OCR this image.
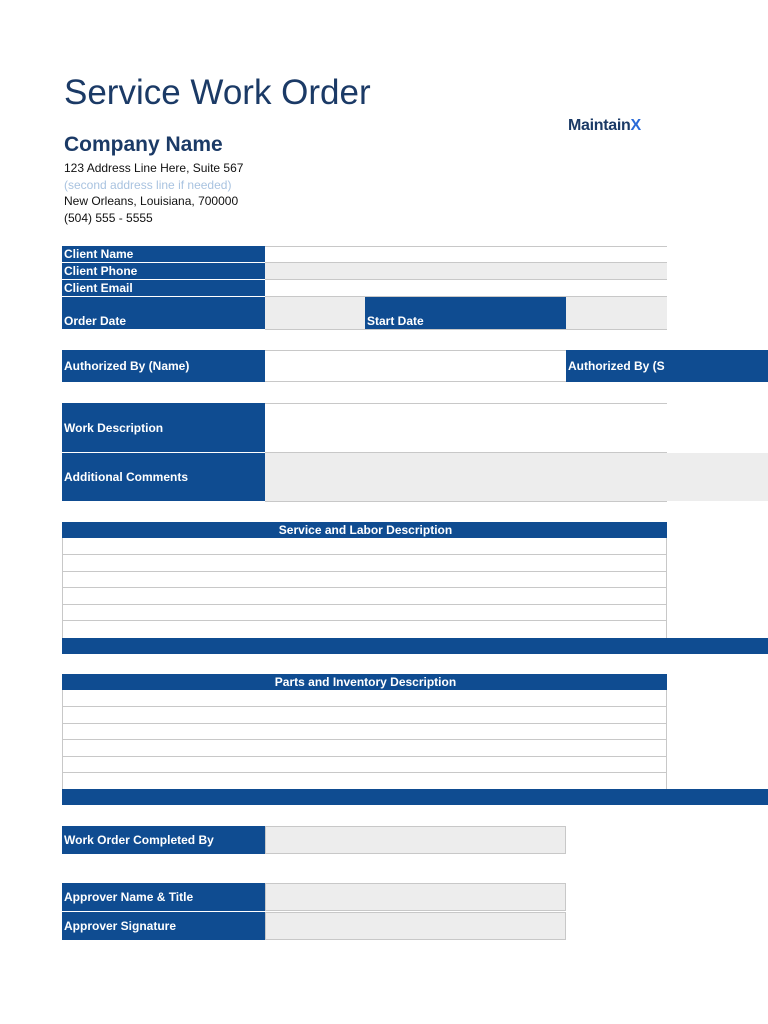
Service Work Order
MaintainX
Company Name
123 Address Line Here, Suite 567
(second address line if needed)
New Orleans, Louisiana, 700000
(504) 555 - 5555
Client Name
Client Phone
Client Email
Order Date	Start Date
Authorized By (Name)	Authorized By (S
Work Description
Additional Comments
Service and Labor Description
Parts and Inventory Description
Work Order Completed By
Approver Name & Title
Approver Signature
